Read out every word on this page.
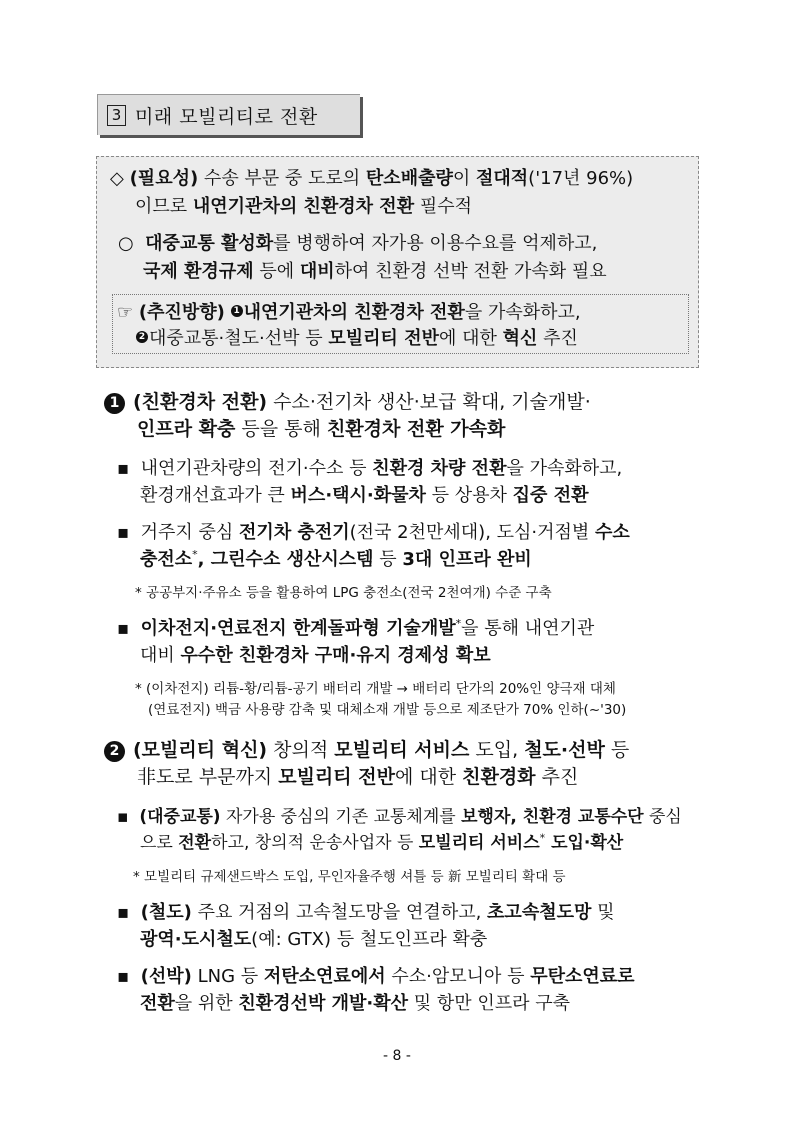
3 미래 모빌리티로 전환
◇ (필요성) 수송 부문 중 도로의 탄소배출량이 절대적('17년 96%)
이므로 내연기관차의 친환경차 전환 필수적
○ 대중교통 활성화를 병행하여 자가용 이용수요를 억제하고,
국제 환경규제 등에 대비하여 친환경 선박 전환 가속화 필요
☞ (추진방향) 1 내연기관차의 친환경차 전환을 가속화하고,
2 대중교통·철도·선박 등 모빌리티 전반에 대한 혁신 추진
1 (친환경차 전환) 수소·전기차 생산·보급 확대, 기술개발·
인프라 확충 등을 통해 친환경차 전환 가속화
▪ 내연기관차량의 전기·수소 등 친환경 차량 전환을 가속화하고,
환경개선효과가 큰 버스·택시·화물차 등 상용차 집중 전환
▪ 거주지 중심 전기차 충전기(전국 2천만세대), 도심·거점별 수소
충전소*, 그린수소 생산시스템 등 3대 인프라 완비
* 공공부지·주유소 등을 활용하여 LPG 충전소(전국 2천여개) 수준 구축
▪ 이차전지·연료전지 한계돌파형 기술개발*을 통해 내연기관
대비 우수한 친환경차 구매·유지 경제성 확보
* (이차전지) 리튬-황/리튬-공기 배터리 개발 → 배터리 단가의 20%인 양극재 대체
(연료전지) 백금 사용량 감축 및 대체소재 개발 등으로 제조단가 70% 인하(~'30)
2 (모빌리티 혁신) 창의적 모빌리티 서비스 도입, 철도·선박 등
非도로 부문까지 모빌리티 전반에 대한 친환경화 추진
▪ (대중교통) 자가용 중심의 기존 교통체계를 보행자, 친환경 교통수단 중심
으로 전환하고, 창의적 운송사업자 등 모빌리티 서비스* 도입·확산
* 모빌리티 규제샌드박스 도입, 무인자율주행 셔틀 등 新 모빌리티 확대 등
▪ (철도) 주요 거점의 고속철도망을 연결하고, 초고속철도망 및
광역·도시철도(예: GTX) 등 철도인프라 확충
▪ (선박) LNG 등 저탄소연료에서 수소·암모니아 등 무탄소연료로
전환을 위한 친환경선박 개발·확산 및 항만 인프라 구축
- 8 -
